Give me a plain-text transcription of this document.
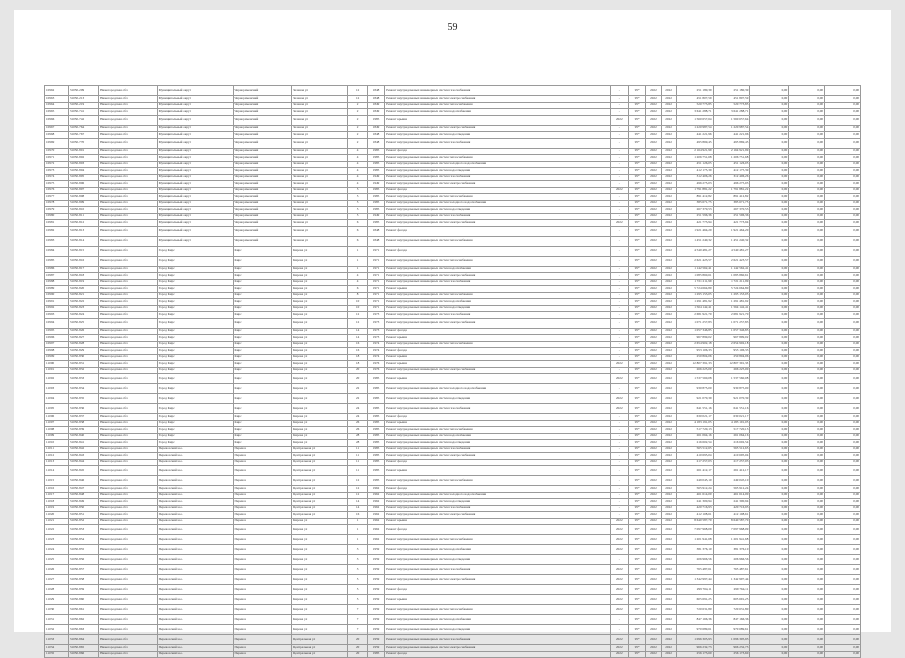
59
10962	31050-209	Нижегородская обл	Муниципальный округ	Чернораменский	Зеленая ул	12	1848	Ремонт внутридомовых инженерных систем газоснабжения	-	95*	2022	2022	251 180,39	251 180,39	0,00	0,00	0,00
10963	31050-213	Нижегородская обл	Муниципальный округ	Чернораменский	Зеленая ул	12	1848	Ремонт внутридомовых инженерных систем электроснабжения	-	95*	2022	2022	451 807,59	451 807,59	0,00	0,00	0,00
10964	31050-219	Нижегородская обл	Муниципальный округ	Чернораменский	Зеленая ул	2	1849	Ремонт внутридомовых инженерных систем теплоснабжения	-	95*	2022	2022	520 773,85	520 773,85	0,00	0,00	0,00
10965	31050-741	Нижегородская обл	Муниципальный округ	Чернораменский	Зеленая ул	2	1849	Ремонт внутридомовых инженерных систем водоснабжения	-	95*	2022	2022	3 641 288,71	3 641 288,71	0,00	0,00	0,00
10966	31050-742	Нижегородская обл	Муниципальный округ	Чернораменский	Зеленая ул	2	1985	Ремонт крыши	2022	95*	2022	2022	1 560 657,64	1 560 657,64	0,00	0,00	0,00
10967	31050-764	Нижегородская обл	Муниципальный округ	Чернораменский	Зеленая ул	2	1849	Ремонт внутридомовых инженерных систем электроснабжения	-	95*	2022	2022	1 220 987,54	1 220 987,54	0,00	0,00	0,00
10968	31050-767	Нижегородская обл	Муниципальный округ	Чернораменский	Зеленая ул	2	1848	Ремонт внутридомовых инженерных систем водоотведения	-	95*	2022	2022	441 221,96	441 221,96	0,00	0,00	0,00
10969	31050-770	Нижегородская обл	Муниципальный округ	Чернораменский	Зеленая ул	2	1848	Ремонт внутридомовых инженерных систем газоснабжения	-	95*	2022	2022	495 869,45	495 869,45	0,00	0,00	0,00
10970	31050-801	Нижегородская обл	Муниципальный округ	Чернораменский	Зеленая ул	4	1985	Ремонт фасада	-	95*	2022	2022	2 164 921,99	2 164 921,99	0,00	0,00	0,00
10971	31050-802	Нижегородская обл	Муниципальный округ	Чернораменский	Зеленая ул	4	1985	Ремонт внутридомовых инженерных систем теплоснабжения	-	95*	2022	2022	1 206 751,68	1 206 751,68	0,00	0,00	0,00
10972	31050-803	Нижегородская обл	Муниципальный округ	Чернораменский	Зеленая ул	4	1985	Ремонт внутридомовых инженерных систем холодного водоснабжения	-	95*	2022	2022	451 126,05	451 126,05	0,00	0,00	0,00
10973	31050-804	Нижегородская обл	Муниципальный округ	Чернораменский	Зеленая ул	4	1985	Ремонт внутридомовых инженерных систем водоотведения	-	95*	2022	2022	412 175,39	412 175,39	0,00	0,00	0,00
10974	31050-805	Нижегородская обл	Муниципальный округ	Чернораменский	Зеленая ул	4	1949	Ремонт внутридомовых инженерных систем газоснабжения	-	95*	2022	2022	312 406,26	312 406,26	0,00	0,00	0,00
10975	31050-806	Нижегородская обл	Муниципальный округ	Чернораменский	Зеленая ул	4	1949	Ремонт внутридомовых инженерных систем электроснабжения	-	95*	2022	2022	496 275,03	496 275,03	0,00	0,00	0,00
10976	31050-807	Нижегородская обл	Муниципальный округ	Чернораменский	Зеленая ул	5	1985	Ремонт фасада	2022	95*	2022	2022	1 791 881,22	1 791 881,22	0,00	0,00	0,00
10977	31050-808	Нижегородская обл	Муниципальный округ	Чернораменский	Зеленая ул	5	1985	Ремонт внутридомовых инженерных систем теплоснабжения	-	95*	2022	2022	891 412,82	891 412,82	0,00	0,00	0,00
10978	31050-809	Нижегородская обл	Муниципальный округ	Чернораменский	Зеленая ул	5	1985	Ремонт внутридомовых инженерных систем холодного водоснабжения	-	95*	2022	2022	385 671,75	385 671,75	0,00	0,00	0,00
10979	31050-810	Нижегородская обл	Муниципальный округ	Чернораменский	Зеленая ул	5	1985	Ремонт внутридомовых инженерных систем водоотведения	-	95*	2022	2022	267 370,53	267 370,53	0,00	0,00	0,00
10980	31050-811	Нижегородская обл	Муниципальный округ	Чернораменский	Зеленая ул	5	1949	Ремонт внутридомовых инженерных систем газоснабжения	-	95*	2022	2022	251 596,36	251 596,36	0,00	0,00	0,00
10981	31050-812	Нижегородская обл	Муниципальный округ	Чернораменский	Зеленая ул	6	1985	Ремонт внутридомовых инженерных систем электроснабжения	2022	95*	2022	2022	421 773,94	421 773,94	0,00	0,00	0,00
10982	31050-813	Нижегородская обл	Муниципальный округ	Чернораменский	Зеленая ул	6	1848	Ремонт фасада	-	95*	2022	2022	1 921 464,20	1 921 464,20	0,00	0,00	0,00
10983	31050-814	Нижегородская обл	Муниципальный округ	Чернораменский	Зеленая ул	6	1848	Ремонт внутридомовых инженерных систем теплоснабжения	-	95*	2022	2022	1 451 240,32	1 451 240,32	0,00	0,00	0,00
10984	31050-815	Нижегородская обл	Город Кирс	Кирс	Кирова ул	1	1971	Ремонт фасада	-	95*	2022	2022	4 540 481,27	4 540 481,27	0,00	0,00	0,00
10985	31050-816	Нижегородская обл	Город Кирс	Кирс	Кирова ул	1	1971	Ремонт внутридомовых инженерных систем теплоснабжения	-	95*	2022	2022	2 621 423,57	2 621 423,57	0,00	0,00	0,00
10986	31050-817	Нижегородская обл	Город Кирс	Кирс	Кирова ул	1	1971	Ремонт внутридомовых инженерных систем водоснабжения	-	95*	2022	2022	1 142 562,41	1 142 562,41	0,00	0,00	0,00
10987	31050-818	Нижегородская обл	Город Кирс	Кирс	Кирова ул	4	1971	Ремонт внутридомовых инженерных систем электроснабжения	-	95*	2022	2022	1 085 860,61	1 085 860,61	0,00	0,00	0,00
10988	31050-819	Нижегородская обл	Город Кирс	Кирс	Кирова ул	4	1971	Ремонт внутридомовых инженерных систем газоснабжения	-	95*	2022	2022	1 721 211,99	1 721 211,99	0,00	0,00	0,00
10989	31050-820	Нижегородская обл	Город Кирс	Кирс	Кирова ул	6	1971	Ремонт крыши	-	95*	2022	2022	5 724 664,80	5 724 664,80	0,00	0,00	0,00
10990	31050-821	Нижегородская обл	Город Кирс	Кирс	Кирова ул	8	1971	Ремонт внутридомовых инженерных систем теплоснабжения	-	95*	2022	2022	1 295 153,05	1 295 153,05	0,00	0,00	0,00
10991	31050-822	Нижегородская обл	Город Кирс	Кирс	Кирова ул	10	1971	Ремонт внутридомовых инженерных систем водоснабжения	-	95*	2022	2022	1 291 481,92	1 291 481,92	0,00	0,00	0,00
10992	31050-823	Нижегородская обл	Город Кирс	Кирс	Кирова ул	10	1971	Ремонт внутридомовых инженерных систем водоотведения	-	95*	2022	2022	1 564 142,41	1 564 142,41	0,00	0,00	0,00
10993	31050-824	Нижегородская обл	Город Кирс	Кирс	Кирова ул	12	1973	Ремонт внутридомовых инженерных систем газоснабжения	-	95*	2022	2022	2 681 921,70	2 681 921,70	0,00	0,00	0,00
10994	31050-825	Нижегородская обл	Город Кирс	Кирс	Кирова ул	12	1973	Ремонт внутридомовых инженерных систем электроснабжения	-	95*	2022	2022	1 071 257,83	1 071 257,83	0,00	0,00	0,00
10995	31050-826	Нижегородская обл	Город Кирс	Кирс	Кирова ул	14	1973	Ремонт фасада	-	95*	2022	2022	1 057 346,85	1 057 346,85	0,00	0,00	0,00
10996	31050-827	Нижегородская обл	Город Кирс	Кирс	Кирова ул	14	1973	Ремонт крыши	-	95*	2022	2022	967 899,02	967 899,02	0,00	0,00	0,00
10997	31050-828	Нижегородская обл	Город Кирс	Кирс	Кирова ул	16	1974	Ремонт внутридомовых инженерных систем теплоснабжения	-	95*	2022	2022	2 654 902,18	2 654 902,18	0,00	0,00	0,00
10998	31050-829	Нижегородская обл	Город Кирс	Кирс	Кирова ул	16	1974	Ремонт фасада	-	95*	2022	2022	953 106,33	953 106,33	0,00	0,00	0,00
10999	31050-830	Нижегородская обл	Город Кирс	Кирс	Кирова ул	18	1974	Ремонт крыши	-	95*	2022	2022	250 804,06	250 804,06	0,00	0,00	0,00
11000	31050-831	Нижегородская обл	Город Кирс	Кирс	Кирова ул	18	1976	Ремонт крыши	2022	95*	2022	2022	12 807 391,33	12 807 391,33	0,00	0,00	0,00
11001	31050-832	Нижегородская обл	Город Кирс	Кирс	Кирова ул	20	1976	Ремонт внутридомовых инженерных систем электроснабжения	-	95*	2022	2022	266 225,00	266 225,00	0,00	0,00	0,00
11002	31050-833	Нижегородская обл	Город Кирс	Кирс	Кирова ул	20	1985	Ремонт крыши	2022	95*	2022	2022	1 537 560,08	1 537 560,08	0,00	0,00	0,00
11003	31050-834	Нижегородская обл	Город Кирс	Кирс	Кирова ул	22	1985	Ремонт внутридомовых инженерных систем холодного водоснабжения	-	95*	2022	2022	930 875,00	930 875,00	0,00	0,00	0,00
11004	31050-835	Нижегородская обл	Город Кирс	Кирс	Кирова ул	22	1985	Ремонт внутридомовых инженерных систем водоотведения	2022	95*	2022	2022	921 070,39	921 070,39	0,00	0,00	0,00
11005	31050-836	Нижегородская обл	Город Кирс	Кирс	Кирова ул	24	1985	Ремонт внутридомовых инженерных систем газоснабжения	2022	95*	2022	2022	641 551,16	641 551,16	0,00	0,00	0,00
11006	31050-837	Нижегородская обл	Город Кирс	Кирс	Кирова ул	24	1985	Ремонт фасада	-	95*	2022	2022	630 021,17	630 021,17	0,00	0,00	0,00
11007	31050-838	Нижегородская обл	Город Кирс	Кирс	Кирова ул	26	1985	Ремонт крыши	-	95*	2022	2022	4 183 191,05	4 183 191,05	0,00	0,00	0,00
11008	31050-839	Нижегородская обл	Город Кирс	Кирс	Кирова ул	26	1985	Ремонт внутридомовых инженерных систем теплоснабжения	-	95*	2022	2022	517 720,13	517 720,13	0,00	0,00	0,00
11009	31050-840	Нижегородская обл	Город Кирс	Кирс	Кирова ул	28	1985	Ремонт внутридомовых инженерных систем водоснабжения	-	95*	2022	2022	261 064,16	261 064,16	0,00	0,00	0,00
11010	31050-841	Нижегородская обл	Город Кирс	Кирс	Кирова ул	28	1985	Ремонт внутридомовых инженерных систем водоотведения	-	95*	2022	2022	216 602,54	216 602,54	0,00	0,00	0,00
11011	31050-842	Нижегородская обл	Перевозский м.о.	Перевоз	Центральная ул	11	1985	Ремонт внутридомовых инженерных систем газоснабжения	-	95*	2022	2022	565 512,65	565 512,65	0,00	0,00	0,00
11012	31050-843	Нижегородская обл	Перевозский м.о.	Перевоз	Центральная ул	11	1985	Ремонт внутридомовых инженерных систем электроснабжения	-	95*	2022	2022	410 695,04	410 695,04	0,00	0,00	0,00
11013	31050-844	Нижегородская обл	Перевозский м.о.	Перевоз	Центральная ул	11	1985	Ремонт фасада	-	95*	2022	2022	217 257,03	217 257,03	0,00	0,00	0,00
11014	31050-845	Нижегородская обл	Перевозский м.о.	Перевоз	Центральная ул	11	1985	Ремонт крыши	-	95*	2022	2022	261 412,17	261 412,17	0,00	0,00	0,00
11015	31050-846	Нижегородская обл	Перевозский м.о.	Перевоз	Центральная ул	12	1985	Ремонт внутридомовых инженерных систем теплоснабжения	-	95*	2022	2022	249 045,10	249 045,10	0,00	0,00	0,00
11016	31050-847	Нижегородская обл	Перевозский м.о.	Перевоз	Центральная ул	12	1962	Ремонт фасада	-	95*	2022	2022	565 912,24	565 912,24	0,00	0,00	0,00
11017	31050-848	Нижегородская обл	Перевозский м.о.	Перевоз	Центральная ул	12	1962	Ремонт внутридомовых инженерных систем холодного водоснабжения	-	95*	2022	2022	461 614,00	461 614,00	0,00	0,00	0,00
11018	31050-849	Нижегородская обл	Перевозский м.о.	Перевоз	Центральная ул	14	1962	Ремонт внутридомовых инженерных систем водоотведения	-	95*	2022	2022	241 300,94	241 300,94	0,00	0,00	0,00
11019	31050-850	Нижегородская обл	Перевозский м.о.	Перевоз	Центральная ул	14	1962	Ремонт внутридомовых инженерных систем газоснабжения	-	95*	2022	2022	420 716,93	420 716,93	0,00	0,00	0,00
11020	31050-851	Нижегородская обл	Перевозский м.о.	Перевоз	Центральная ул	16	1962	Ремонт внутридомовых инженерных систем электроснабжения	-	95*	2022	2022	412 108,61	412 108,61	0,00	0,00	0,00
11021	31050-852	Нижегородская обл	Перевозский м.о.	Перевоз	Кирова ул	1	1962	Ремонт крыши	2022	95*	2022	2022	8 640 587,70	8 640 587,70	0,00	0,00	0,00
11022	31050-853	Нижегородская обл	Перевозский м.о.	Перевоз	Кирова ул	1	1962	Ремонт фасада	2022	95*	2022	2022	7 097 968,09	7 097 968,09	0,00	0,00	0,00
11023	31050-854	Нижегородская обл	Перевозский м.о.	Перевоз	Кирова ул	1	1962	Ремонт внутридомовых инженерных систем теплоснабжения	2022	95*	2022	2022	1 201 941,68	1 201 941,68	0,00	0,00	0,00
11024	31050-855	Нижегородская обл	Перевозский м.о.	Перевоз	Кирова ул	3	1959	Ремонт внутридомовых инженерных систем водоснабжения	2022	95*	2022	2022	381 376,10	381 376,10	0,00	0,00	0,00
11025	31050-856	Нижегородская обл	Перевозский м.о.	Перевоз	Кирова ул	3	1959	Ремонт внутридомовых инженерных систем водоотведения	-	95*	2022	2022	206 966,56	206 966,56	0,00	0,00	0,00
11026	31050-857	Нижегородская обл	Перевозский м.о.	Перевоз	Кирова ул	3	1959	Ремонт внутридомовых инженерных систем газоснабжения	2022	95*	2022	2022	765 487,61	765 487,61	0,00	0,00	0,00
11027	31050-858	Нижегородская обл	Перевозский м.о.	Перевоз	Кирова ул	5	1959	Ремонт внутридомовых инженерных систем электроснабжения	2022	95*	2022	2022	1 342 997,44	1 342 997,44	0,00	0,00	0,00
11028	31050-859	Нижегородская обл	Перевозский м.о.	Перевоз	Кирова ул	5	1959	Ремонт фасада	2022	95*	2022	2022	299 764,11	299 764,11	0,00	0,00	0,00
11029	31050-860	Нижегородская обл	Перевозский м.о.	Перевоз	Кирова ул	5	1959	Ремонт крыши	2022	95*	2022	2022	605 691,25	605 691,25	0,00	0,00	0,00
11030	31050-861	Нижегородская обл	Перевозский м.о.	Перевоз	Кирова ул	7	1959	Ремонт внутридомовых инженерных систем теплоснабжения	2022	95*	2022	2022	720 631,80	720 631,80	0,00	0,00	0,00
11031	31050-862	Нижегородская обл	Перевозский м.о.	Перевоз	Кирова ул	7	1959	Ремонт внутридомовых инженерных систем водоснабжения	-	95*	2022	2022	847 166,36	847 166,36	0,00	0,00	0,00
11032	31050-863	Нижегородская обл	Перевозский м.о.	Перевоз	Кирова ул	7	1959	Ремонт внутридомовых инженерных систем водоотведения	-	95*	2022	2022	970 689,61	970 689,61	0,00	0,00	0,00
11033	31050-864	Нижегородская обл	Перевозский м.о.	Перевоз	Центральная ул	20	1959	Ремонт внутридомовых инженерных систем газоснабжения	2022	95*	2022	2022	1 096 305,93	1 096 305,93	0,00	0,00	0,00
11034	31050-865	Нижегородская обл	Перевозский м.о.	Перевоз	Центральная ул	20	1959	Ремонт внутридомовых инженерных систем электроснабжения	2022	95*	2022	2022	966 232,73	966 232,73	0,00	0,00	0,00
11035	31050-866	Нижегородская обл	Перевозский м.о.	Перевоз	Центральная ул	20	1985	Ремонт фасада	2022	95*	2022	2022	256 173,60	256 173,60	0,00	0,00	0,00
